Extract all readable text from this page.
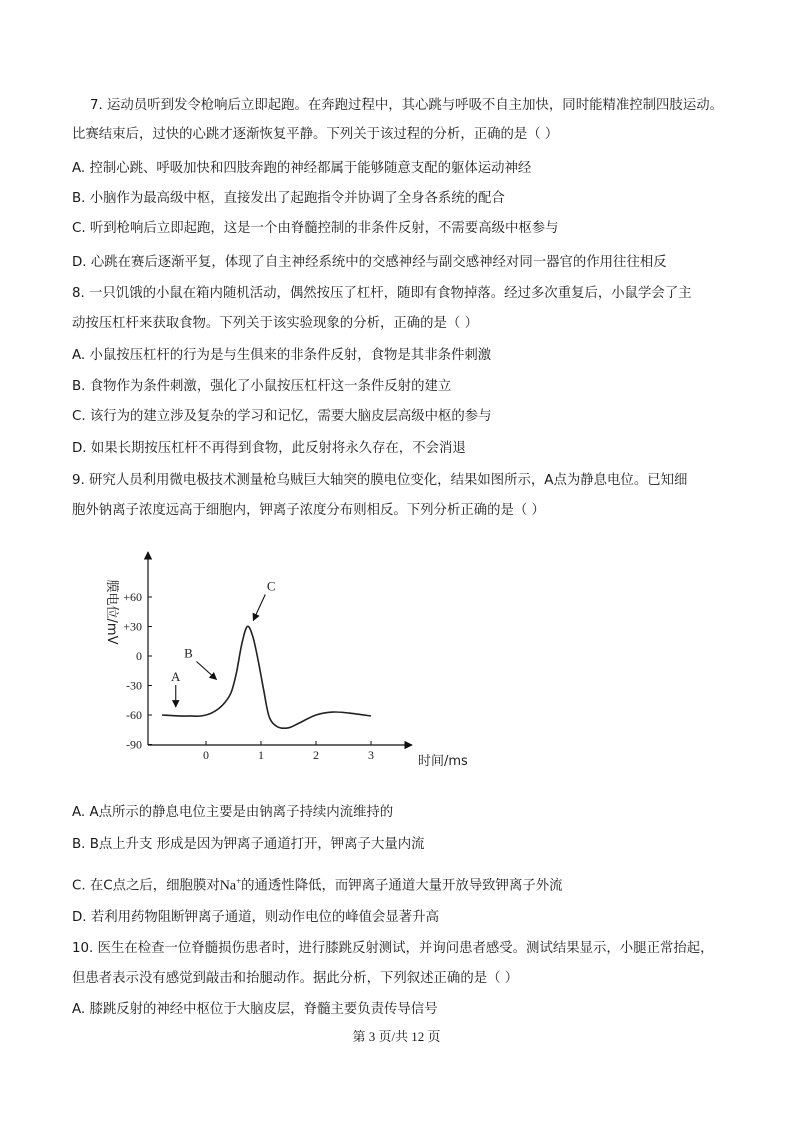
7. 运动员听到发令枪响后立即起跑。在奔跑过程中，其心跳与呼吸不自主加快，同时能精准控制四肢运动。
比赛结束后，过快的心跳才逐渐恢复平静。下列关于该过程的分析，正确的是（ ）
A. 控制心跳、呼吸加快和四肢奔跑的神经都属于能够随意支配的躯体运动神经
B. 小脑作为最高级中枢，直接发出了起跑指令并协调了全身各系统的配合
C. 听到枪响后立即起跑，这是一个由脊髓控制的非条件反射，不需要高级中枢参与
D. 心跳在赛后逐渐平复，体现了自主神经系统中的交感神经与副交感神经对同一器官的作用往往相反
8. 一只饥饿的小鼠在箱内随机活动，偶然按压了杠杆，随即有食物掉落。经过多次重复后，小鼠学会了主
动按压杠杆来获取食物。下列关于该实验现象的分析，正确的是（ ）
A. 小鼠按压杠杆的行为是与生俱来的非条件反射，食物是其非条件刺激
B. 食物作为条件刺激，强化了小鼠按压杠杆这一条件反射的建立
C. 该行为的建立涉及复杂的学习和记忆，需要大脑皮层高级中枢的参与
D. 如果长期按压杠杆不再得到食物，此反射将永久存在，不会消退
9. 研究人员利用微电极技术测量枪乌贼巨大轴突的膜电位变化，结果如图所示，A点为静息电位。已知细
胞外钠离子浓度远高于细胞内，钾离子浓度分布则相反。下列分析正确的是（ ）
0	1	2	3
+60
+30
0
-30
-60
-90
A
B
C
膜电位/mV
时间/ms
A. A点所示的静息电位主要是由钠离子持续内流维持的
B. B点上升支 形成是因为钾离子通道打开，钾离子大量内流
C. 在C点之后，细胞膜对Na+的通透性降低，而钾离子通道大量开放导致钾离子外流
D. 若利用药物阻断钾离子通道，则动作电位的峰值会显著升高
10. 医生在检查一位脊髓损伤患者时，进行膝跳反射测试，并询问患者感受。测试结果显示，小腿正常抬起，
但患者表示没有感觉到敲击和抬腿动作。据此分析，下列叙述正确的是（ ）
A. 膝跳反射的神经中枢位于大脑皮层，脊髓主要负责传导信号
第 3 页/共 12 页
